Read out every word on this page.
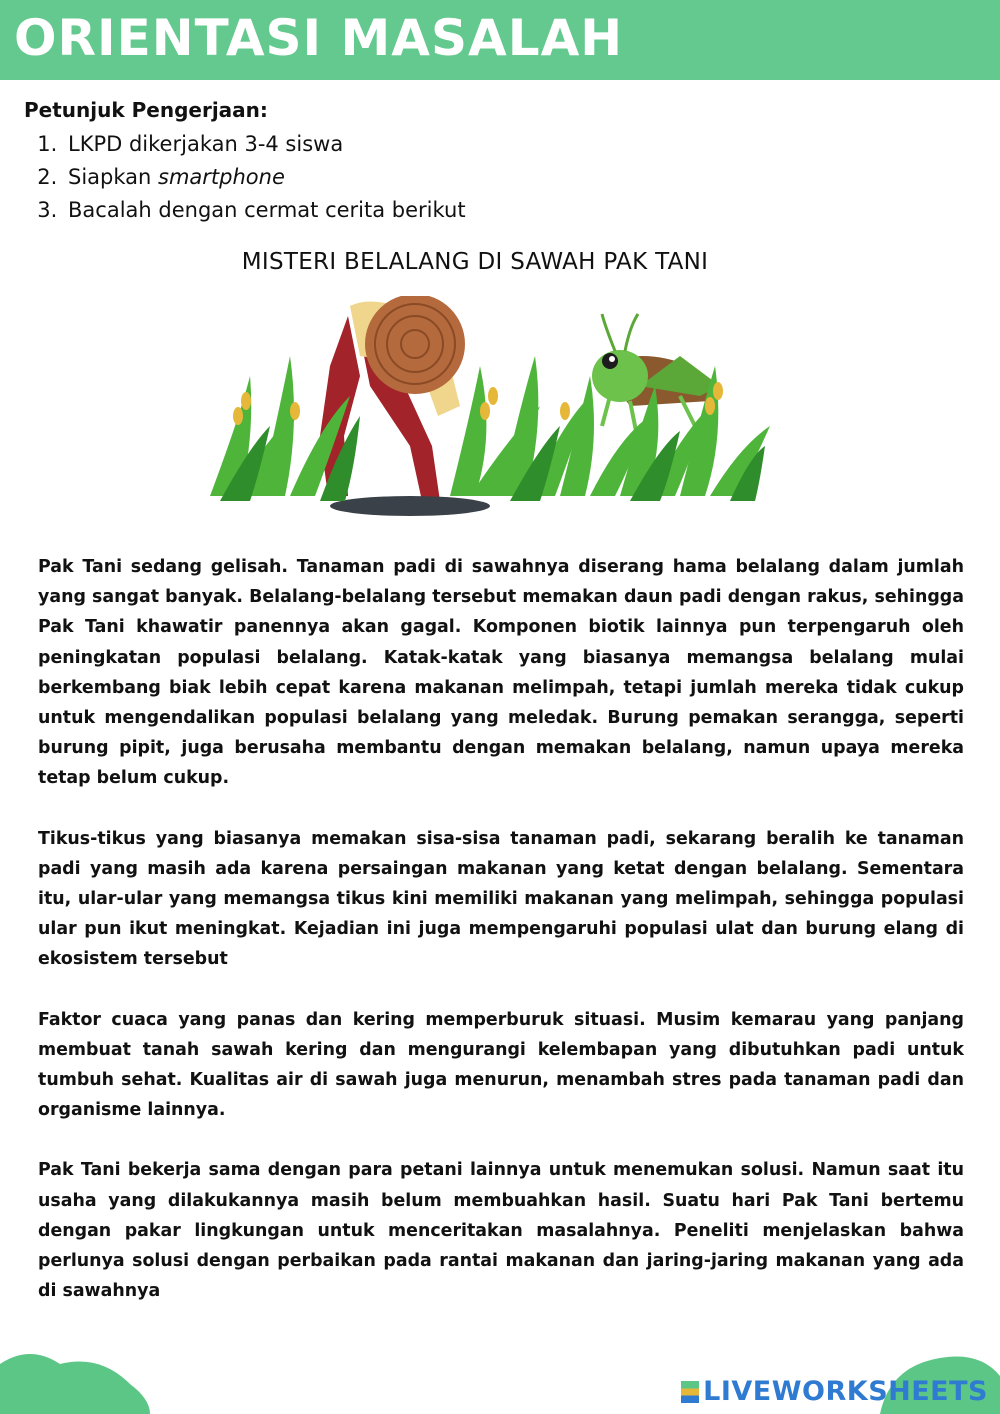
ORIENTASI MASALAH

Petunjuk Pengerjaan:

1. LKPD dikerjakan 3-4 siswa
2. Siapkan smartphone
3. Bacalah dengan cermat cerita berikut
MISTERI BELALANG DI SAWAH PAK TANI

Pak Tani sedang gelisah. Tanaman padi di sawahnya diserang hama belalang dalam jumlah yang sangat banyak. Belalang-belalang tersebut memakan daun padi dengan rakus, sehingga Pak Tani khawatir panennya akan gagal. Komponen biotik lainnya pun terpengaruh oleh peningkatan populasi belalang. Katak-katak yang biasanya memangsa belalang mulai berkembang biak lebih cepat karena makanan melimpah, tetapi jumlah mereka tidak cukup untuk mengendalikan populasi belalang yang meledak. Burung pemakan serangga, seperti burung pipit, juga berusaha membantu dengan memakan belalang, namun upaya mereka tetap belum cukup.

Tikus-tikus yang biasanya memakan sisa-sisa tanaman padi, sekarang beralih ke tanaman padi yang masih ada karena persaingan makanan yang ketat dengan belalang. Sementara itu, ular-ular yang memangsa tikus kini memiliki makanan yang melimpah, sehingga populasi ular pun ikut meningkat. Kejadian ini juga mempengaruhi populasi ulat dan burung elang di ekosistem tersebut

Faktor cuaca yang panas dan kering memperburuk situasi. Musim kemarau yang panjang membuat tanah sawah kering dan mengurangi kelembapan yang dibutuhkan padi untuk tumbuh sehat. Kualitas air di sawah juga menurun, menambah stres pada tanaman padi dan organisme lainnya.

Pak Tani bekerja sama dengan para petani lainnya untuk menemukan solusi. Namun saat itu usaha yang dilakukannya masih belum membuahkan hasil. Suatu hari Pak Tani bertemu dengan pakar lingkungan untuk menceritakan masalahnya. Peneliti menjelaskan bahwa perlunya solusi dengan perbaikan pada rantai makanan dan jaring-jaring makanan yang ada di sawahnya

LIVEWORKSHEETS
